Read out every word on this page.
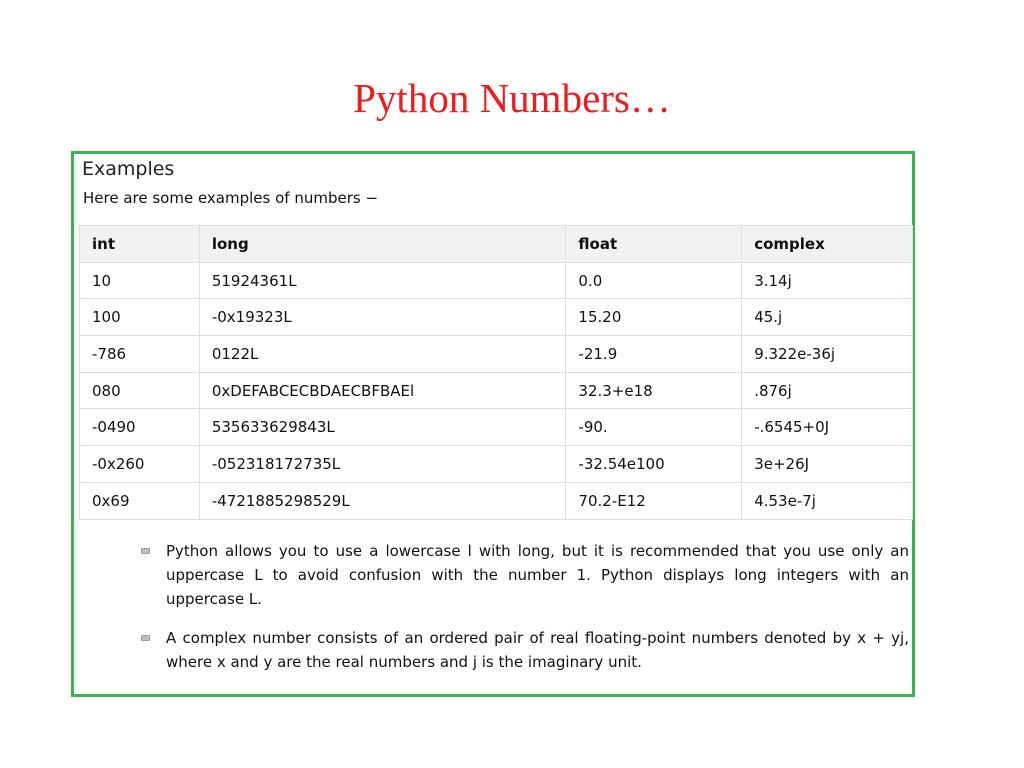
Python Numbers…
Examples
Here are some examples of numbers −
int	long	float	complex
10	51924361L	0.0	3.14j
100	-0x19323L	15.20	45.j
-786	0122L	-21.9	9.322e-36j
080	0xDEFABCECBDAECBFBAEl	32.3+e18	.876j
-0490	535633629843L	-90.	-.6545+0J
-0x260	-052318172735L	-32.54e100	3e+26J
0x69	-4721885298529L	70.2-E12	4.53e-7j
Python allows you to use a lowercase l with long, but it is recommended that you use only an uppercase L to avoid confusion with the number 1. Python displays long integers with an uppercase L.
A complex number consists of an ordered pair of real floating-point numbers denoted by x + yj, where x and y are the real numbers and j is the imaginary unit.
